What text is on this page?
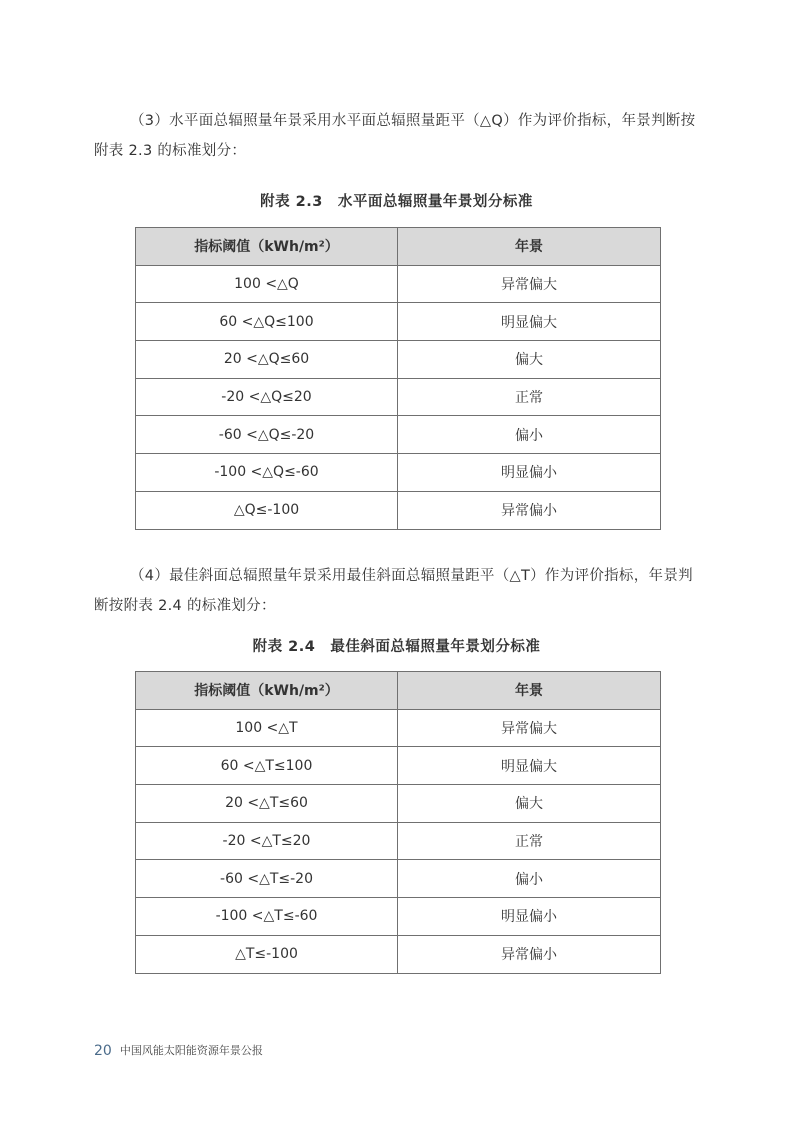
（3）水平面总辐照量年景采用水平面总辐照量距平（△Q）作为评价指标，年景判断按附表 2.3 的标准划分：

附表 2.3　水平面总辐照量年景划分标准

指标阈值（kWh/m²）	年景
100 <△Q	异常偏大
60 <△Q≤100	明显偏大
20 <△Q≤60	偏大
-20 <△Q≤20	正常
-60 <△Q≤-20	偏小
-100 <△Q≤-60	明显偏小
△Q≤-100	异常偏小

（4）最佳斜面总辐照量年景采用最佳斜面总辐照量距平（△T）作为评价指标，年景判断按附表 2.4 的标准划分：

附表 2.4　最佳斜面总辐照量年景划分标准

指标阈值（kWh/m²）	年景
100 <△T	异常偏大
60 <△T≤100	明显偏大
20 <△T≤60	偏大
-20 <△T≤20	正常
-60 <△T≤-20	偏小
-100 <△T≤-60	明显偏小
△T≤-100	异常偏小
20 中国风能太阳能资源年景公报
